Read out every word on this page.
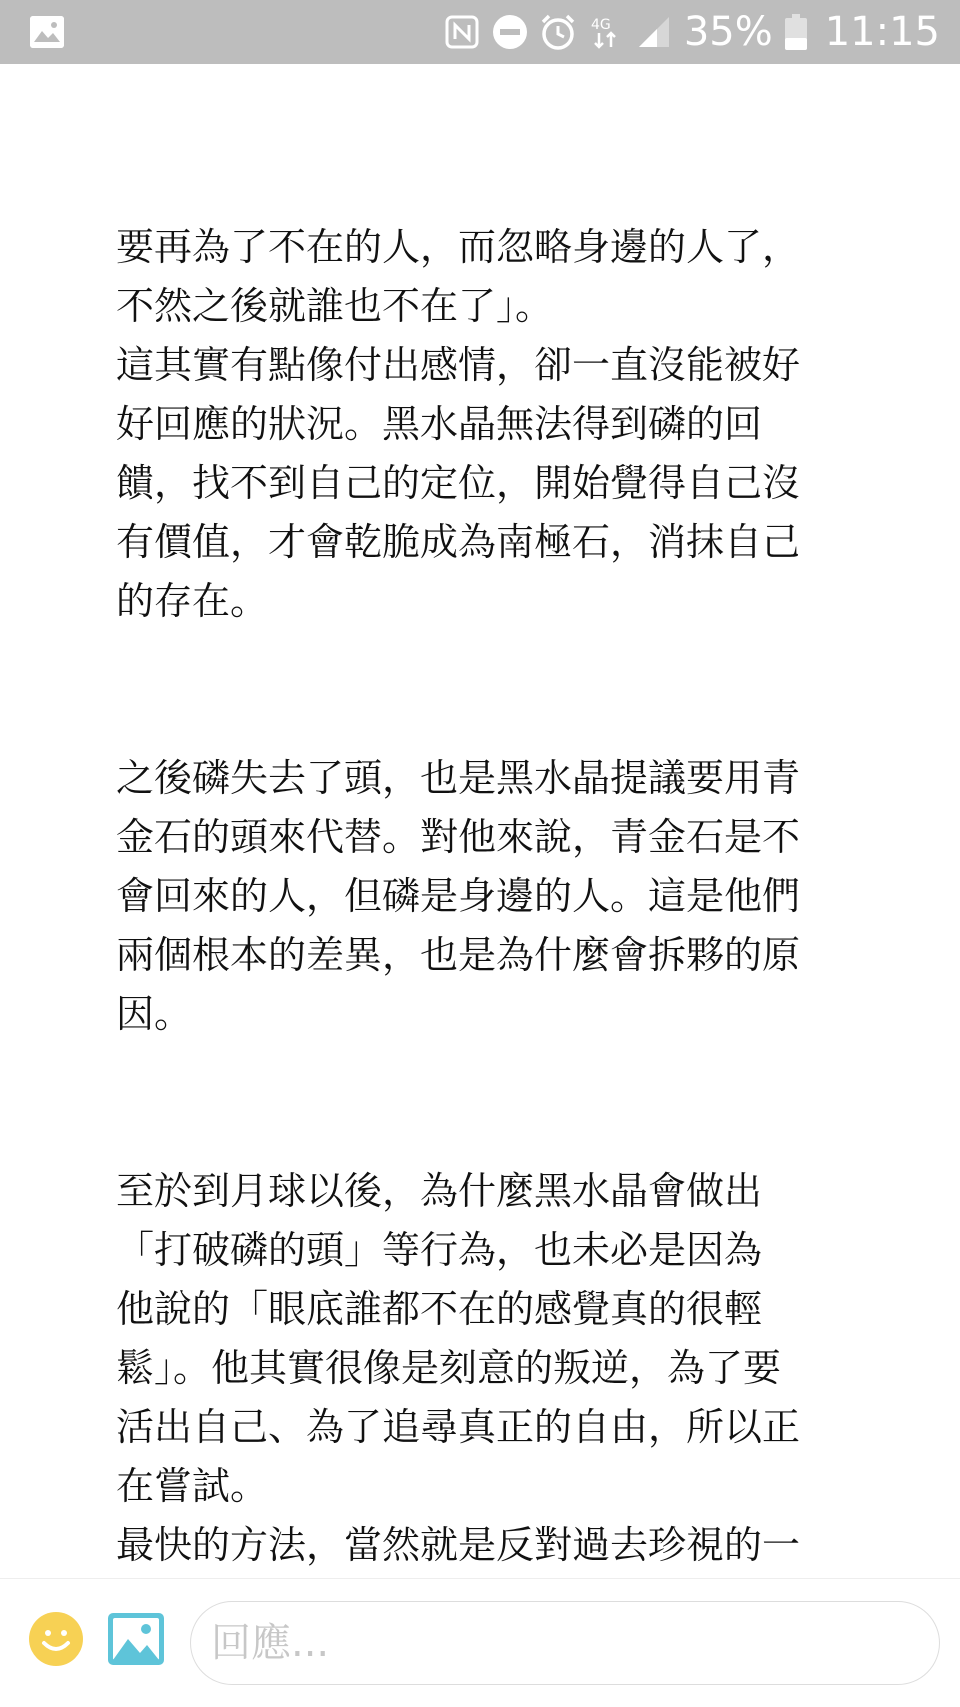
4G 35% 11:15

要再為了不在的人，而忽略身邊的人了，
不然之後就誰也不在了」。
這其實有點像付出感情，卻一直沒能被好
好回應的狀況。黑水晶無法得到磷的回
饋，找不到自己的定位，開始覺得自己沒
有價值，才會乾脆成為南極石，消抹自己
的存在。

之後磷失去了頭，也是黑水晶提議要用青
金石的頭來代替。對他來說，青金石是不
會回來的人，但磷是身邊的人。這是他們
兩個根本的差異，也是為什麼會拆夥的原
因。

至於到月球以後，為什麼黑水晶會做出
「打破磷的頭」等行為，也未必是因為
他說的「眼底誰都不在的感覺真的很輕
鬆」。他其實很像是刻意的叛逆，為了要
活出自己、為了追尋真正的自由，所以正
在嘗試。
最快的方法，當然就是反對過去珍視的一

回應...
